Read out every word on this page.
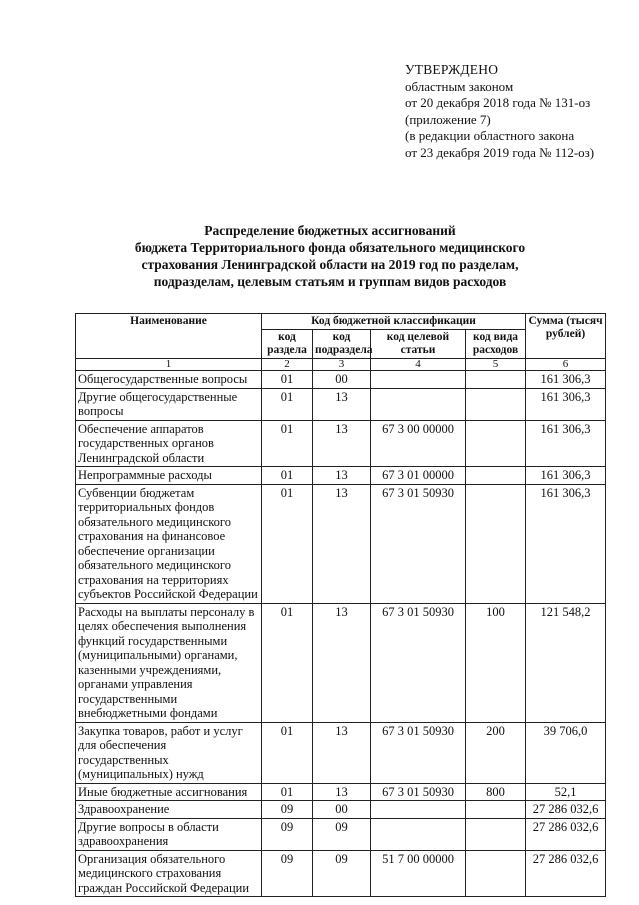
УТВЕРЖДЕНО
областным законом
от 20 декабря 2018 года № 131-оз
(приложение 7)
(в редакции областного закона
от 23 декабря 2019 года № 112-оз)
Распределение бюджетных ассигнований
бюджета Территориального фонда обязательного медицинского
страхования Ленинградской области на 2019 год по разделам,
подразделам, целевым статьям и группам видов расходов
Наименование	Код бюджетной классификации				Сумма (тысяч рублей)
	код раздела	код подраздела	код целевой статьи	код вида расходов	
1	2	3	4	5	6
Общегосударственные вопросы	01	00			161 306,3
Другие общегосударственные вопросы	01	13			161 306,3
Обеспечение аппаратов государственных органов Ленинградской области	01	13	67 3 00 00000		161 306,3
Непрограммные расходы	01	13	67 3 01 00000		161 306,3
Субвенции бюджетам территориальных фондов обязательного медицинского страхования на финансовое обеспечение организации обязательного медицинского страхования на территориях субъектов Российской Федерации	01	13	67 3 01 50930		161 306,3
Расходы на выплаты персоналу в целях обеспечения выполнения функций государственными (муниципальными) органами, казенными учреждениями, органами управления государственными внебюджетными фондами	01	13	67 3 01 50930	100	121 548,2
Закупка товаров, работ и услуг для обеспечения государственных (муниципальных) нужд	01	13	67 3 01 50930	200	39 706,0
Иные бюджетные ассигнования	01	13	67 3 01 50930	800	52,1
Здравоохранение	09	00			27 286 032,6
Другие вопросы в области здравоохранения	09	09			27 286 032,6
Организация обязательного медицинского страхования граждан Российской Федерации	09	09	51 7 00 00000		27 286 032,6
